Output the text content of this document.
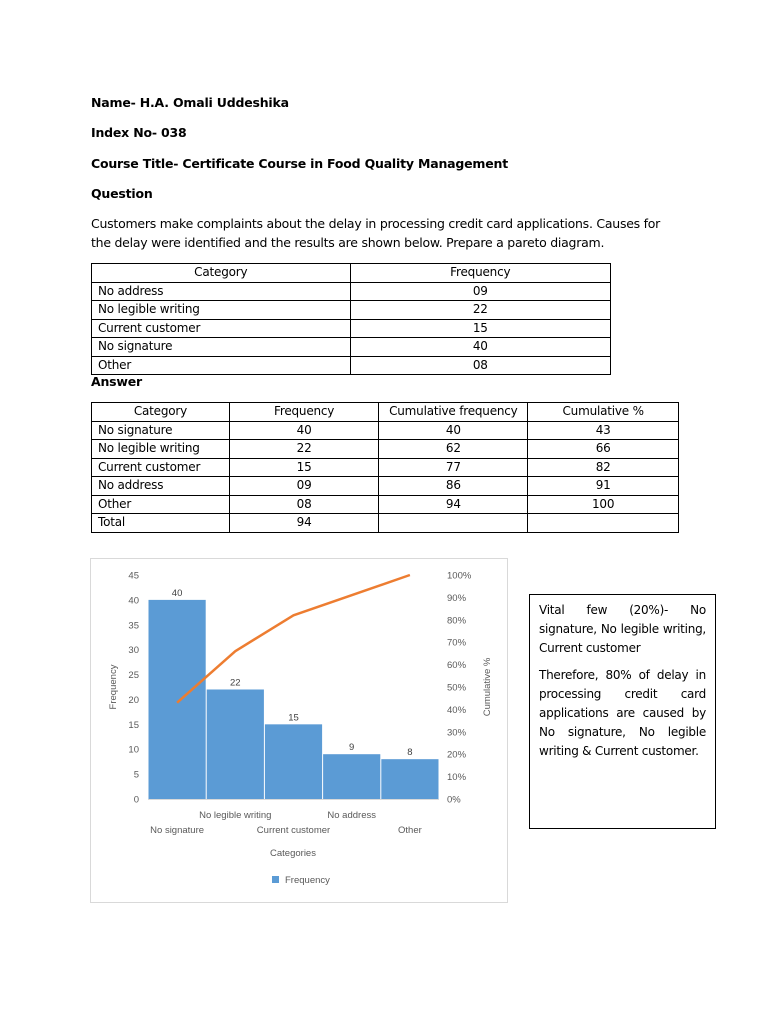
Name- H.A. Omali Uddeshika
Index No- 038
Course Title- Certificate Course in Food Quality Management
Question
Customers make complaints about the delay in processing credit card applications. Causes for the delay were identified and the results are shown below. Prepare a pareto diagram.
Category	Frequency
No address	09
No legible writing	22
Current customer	15
No signature	40
Other	08
Answer
Category	Frequency	Cumulative frequency	Cumulative %
No signature	40	40	43
No legible writing	22	62	66
Current customer	15	77	82
No address	09	86	91
Other	08	94	100
Total	94		
0
5
10
15
20
25
30
35
40
45
0%
10%
20%
30%
40%
50%
60%
70%
80%
90%
100%
40
22
15
9	8
No signature
No legible writing
Current customer
No address
Other
Categories
Frequency	Cumulative %
Frequency

Vital few (20%)- No signature, No legible writing, Current customer

Therefore, 80% of delay in processing credit card applications are caused by No signature, No legible writing & Current customer.
